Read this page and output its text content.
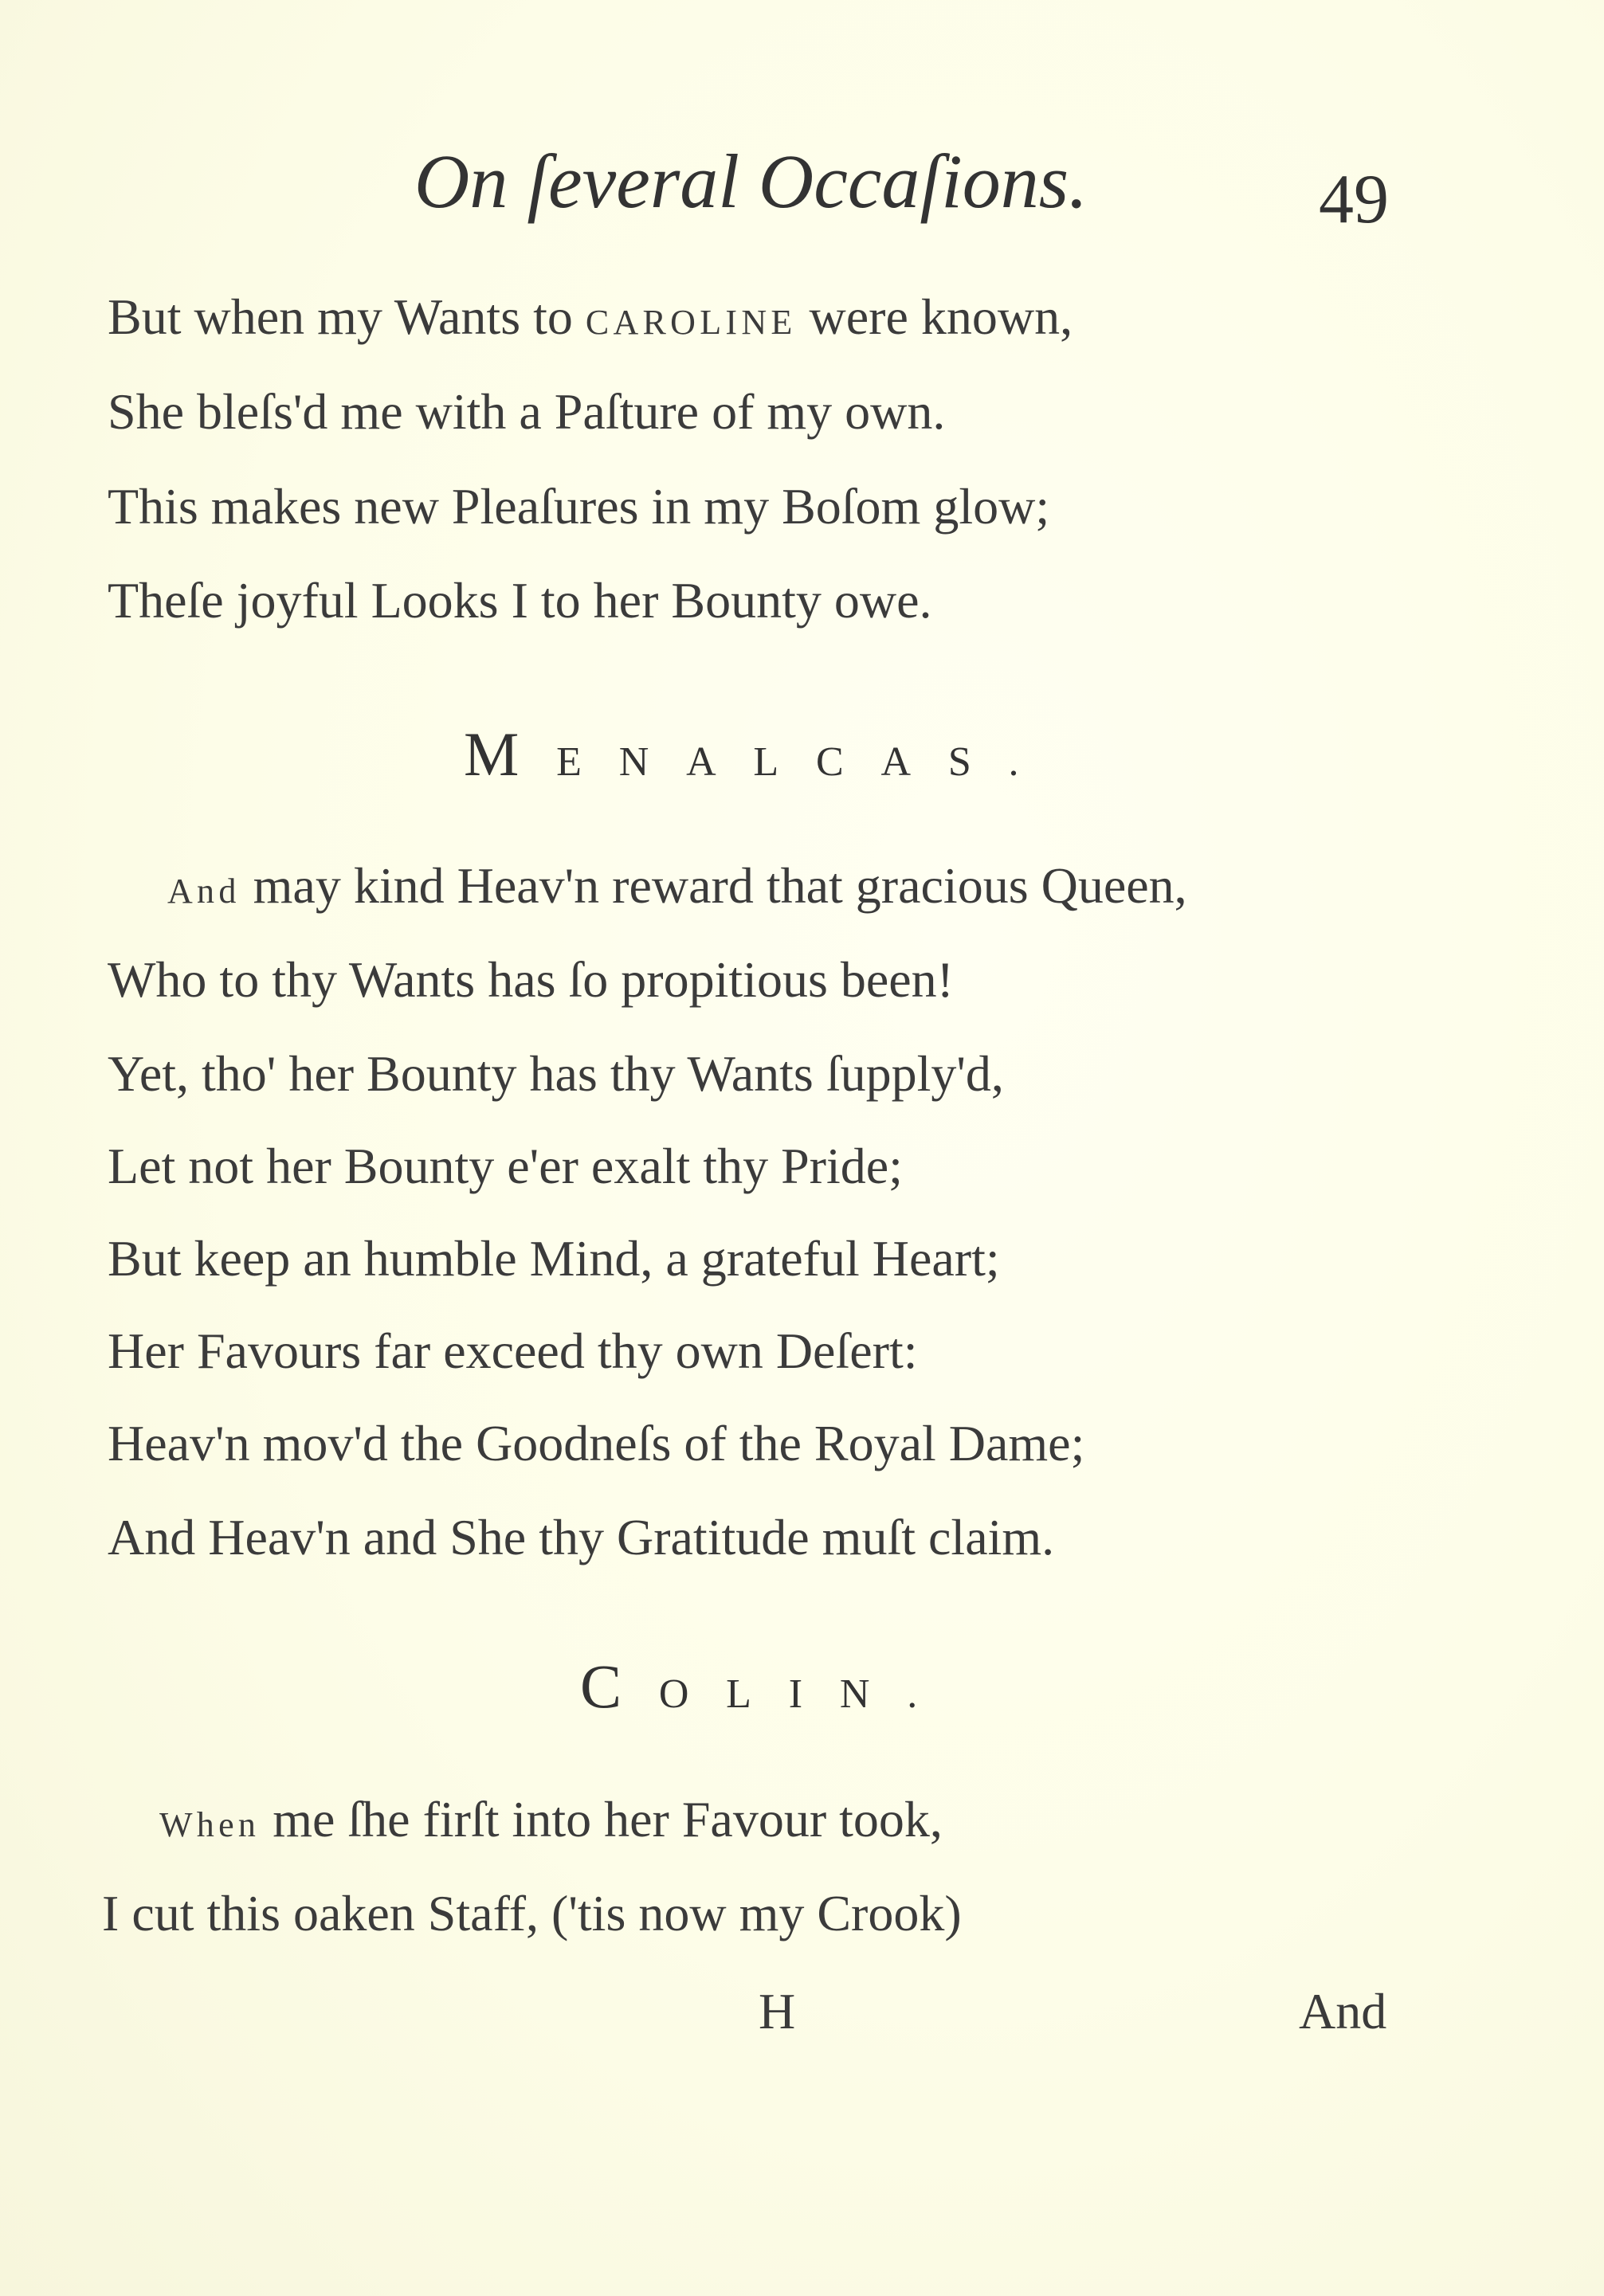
On ſeveral Occaſions.	49
But when my Wants to CAROLINE were known,
She bleſs'd me with a Paſture of my own.
This makes new Pleaſures in my Boſom glow;
Theſe joyful Looks I to her Bounty owe.
MENALCAS.
And may kind Heav'n reward that gracious Queen,
Who to thy Wants has ſo propitious been!
Yet, tho' her Bounty has thy Wants ſupply'd,
Let not her Bounty e'er exalt thy Pride;
But keep an humble Mind, a grateful Heart;
Her Favours far exceed thy own Deſert:
Heav'n mov'd the Goodneſs of the Royal Dame;
And Heav'n and She thy Gratitude muſt claim.
COLIN.
When me ſhe firſt into her Favour took,
I cut this oaken Staff, ('tis now my Crook)
H	And
